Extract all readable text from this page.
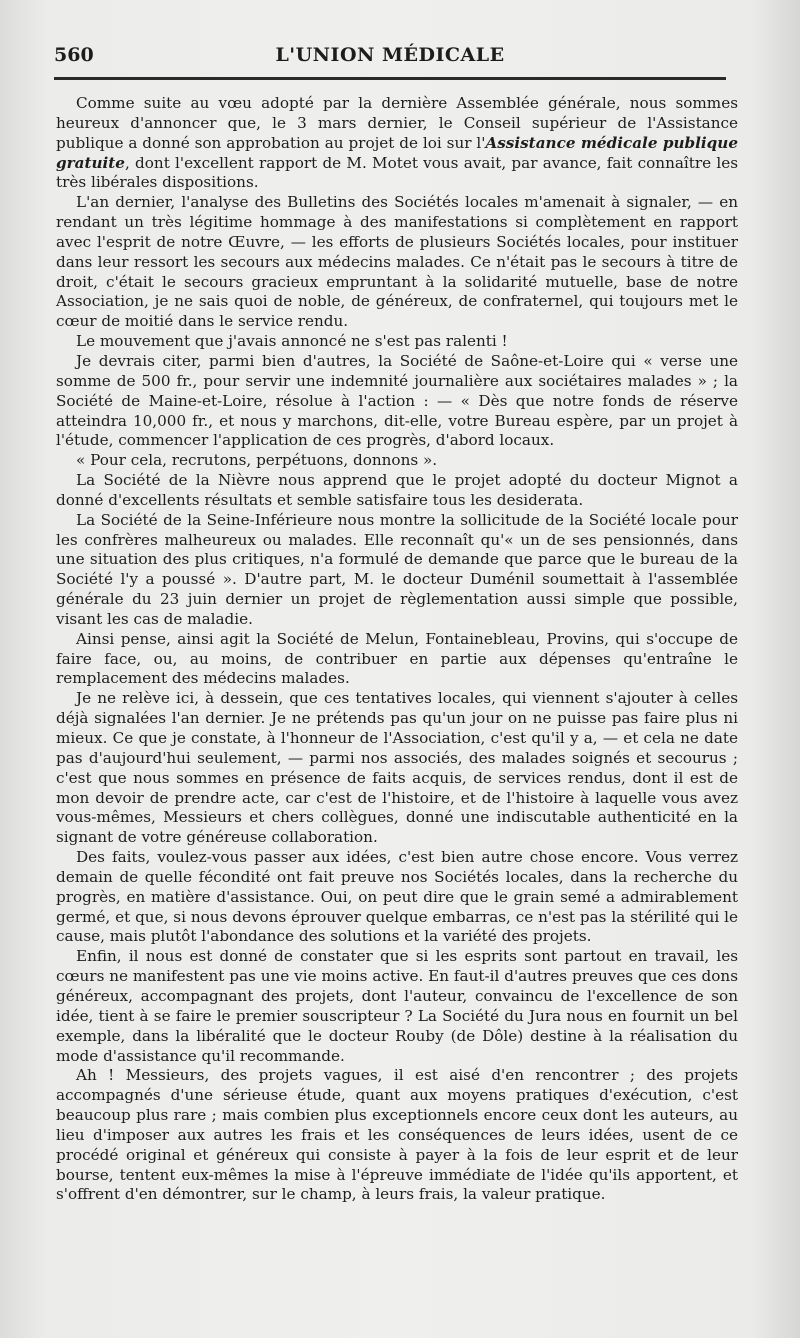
560	L'UNION MÉDICALE

Comme suite au vœu adopté par la dernière Assemblée générale, nous sommes heureux d'annoncer que, le 3 mars dernier, le Conseil supérieur de l'Assistance publique a donné son approbation au projet de loi sur l'Assistance médicale publique gratuite, dont l'excellent rapport de M. Motet vous avait, par avance, fait connaître les très libérales dispositions.

L'an dernier, l'analyse des Bulletins des Sociétés locales m'amenait à signaler, — en rendant un très légitime hommage à des manifestations si complètement en rapport avec l'esprit de notre Œuvre, — les efforts de plusieurs Sociétés locales, pour instituer dans leur ressort les secours aux médecins malades. Ce n'était pas le secours à titre de droit, c'était le secours gracieux empruntant à la solidarité mutuelle, base de notre Association, je ne sais quoi de noble, de généreux, de confraternel, qui toujours met le cœur de moitié dans le service rendu.

Le mouvement que j'avais annoncé ne s'est pas ralenti !

Je devrais citer, parmi bien d'autres, la Société de Saône-et-Loire qui « verse une somme de 500 fr., pour servir une indemnité journalière aux sociétaires malades » ; la Société de Maine-et-Loire, résolue à l'action : — « Dès que notre fonds de réserve atteindra 10,000 fr., et nous y marchons, dit-elle, votre Bureau espère, par un projet à l'étude, commencer l'application de ces progrès, d'abord locaux.

« Pour cela, recrutons, perpétuons, donnons ».

La Société de la Nièvre nous apprend que le projet adopté du docteur Mignot a donné d'excellents résultats et semble satisfaire tous les desiderata.

La Société de la Seine-Inférieure nous montre la sollicitude de la Société locale pour les confrères malheureux ou malades. Elle reconnaît qu'« un de ses pensionnés, dans une situation des plus critiques, n'a formulé de demande que parce que le bureau de la Société l'y a poussé ». D'autre part, M. le docteur Duménil soumettait à l'assemblée générale du 23 juin dernier un projet de règlementation aussi simple que possible, visant les cas de maladie.

Ainsi pense, ainsi agit la Société de Melun, Fontainebleau, Provins, qui s'occupe de faire face, ou, au moins, de contribuer en partie aux dépenses qu'entraîne le remplacement des médecins malades.

Je ne relève ici, à dessein, que ces tentatives locales, qui viennent s'ajouter à celles déjà signalées l'an dernier. Je ne prétends pas qu'un jour on ne puisse pas faire plus ni mieux. Ce que je constate, à l'honneur de l'Association, c'est qu'il y a, — et cela ne date pas d'aujourd'hui seulement, — parmi nos associés, des malades soignés et secourus ; c'est que nous sommes en présence de faits acquis, de services rendus, dont il est de mon devoir de prendre acte, car c'est de l'histoire, et de l'histoire à laquelle vous avez vous-mêmes, Messieurs et chers collègues, donné une indiscutable authenticité en la signant de votre généreuse collaboration.

Des faits, voulez-vous passer aux idées, c'est bien autre chose encore. Vous verrez demain de quelle fécondité ont fait preuve nos Sociétés locales, dans la recherche du progrès, en matière d'assistance. Oui, on peut dire que le grain semé a admirablement germé, et que, si nous devons éprouver quelque embarras, ce n'est pas la stérilité qui le cause, mais plutôt l'abondance des solutions et la variété des projets.

Enfin, il nous est donné de constater que si les esprits sont partout en travail, les cœurs ne manifestent pas une vie moins active. En faut-il d'autres preuves que ces dons généreux, accompagnant des projets, dont l'auteur, convaincu de l'excellence de son idée, tient à se faire le premier souscripteur ? La Société du Jura nous en fournit un bel exemple, dans la libéralité que le docteur Rouby (de Dôle) destine à la réalisation du mode d'assistance qu'il recommande.

Ah ! Messieurs, des projets vagues, il est aisé d'en rencontrer ; des projets accompagnés d'une sérieuse étude, quant aux moyens pratiques d'exécution, c'est beaucoup plus rare ; mais combien plus exceptionnels encore ceux dont les auteurs, au lieu d'imposer aux autres les frais et les conséquences de leurs idées, usent de ce procédé original et généreux qui consiste à payer à la fois de leur esprit et de leur bourse, tentent eux-mêmes la mise à l'épreuve immédiate de l'idée qu'ils apportent, et s'offrent d'en démontrer, sur le champ, à leurs frais, la valeur pratique.
